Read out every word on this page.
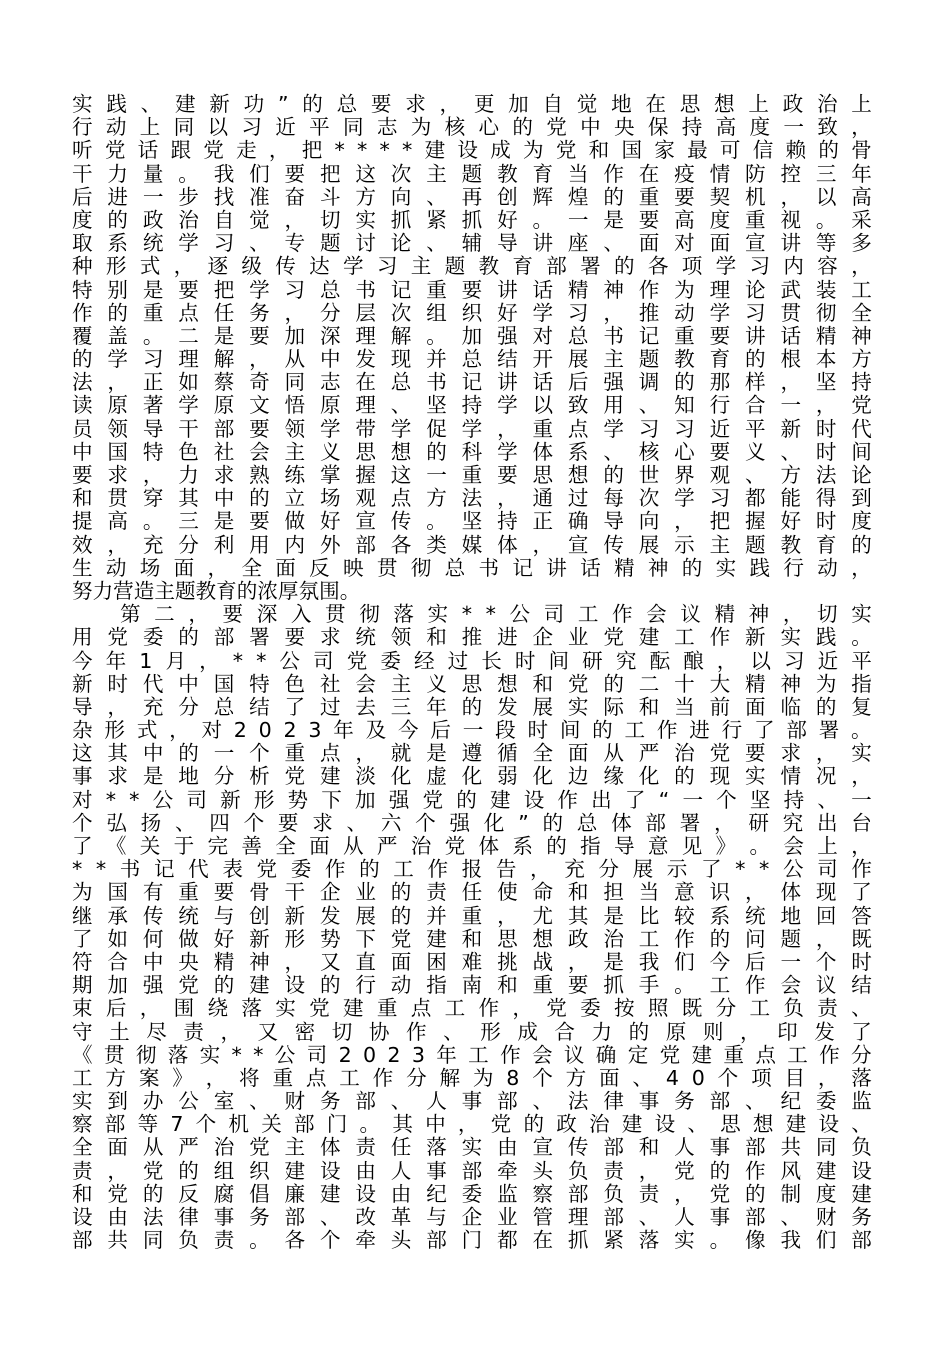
实 践 、 建 新 功 ” 的 总 要 求 ， 更 加 自 觉 地 在 思 想 上 政 治 上
行 动 上 同 以 习 近 平 同 志 为 核 心 的 党 中 央 保 持 高 度 一 致 ，
听 党 话 跟 党 走 ， 把 * * * * 建 设 成 为 党 和 国 家 最 可 信 赖 的 骨
干 力 量 。 我 们 要 把 这 次 主 题 教 育 当 作 在 疫 情 防 控 三 年
后 进 一 步 找 准 奋 斗 方 向 、 再 创 辉 煌 的 重 要 契 机 ， 以 高
度 的 政 治 自 觉 ， 切 实 抓 紧 抓 好 。 一 是 要 高 度 重 视 。 采
取 系 统 学 习 、 专 题 讨 论 、 辅 导 讲 座 、 面 对 面 宣 讲 等 多
种 形 式 ， 逐 级 传 达 学 习 主 题 教 育 部 署 的 各 项 学 习 内 容 ，
特 别 是 要 把 学 习 总 书 记 重 要 讲 话 精 神 作 为 理 论 武 装 工
作 的 重 点 任 务 ， 分 层 次 组 织 好 学 习 ， 推 动 学 习 贯 彻 全
覆 盖 。 二 是 要 加 深 理 解 。 加 强 对 总 书 记 重 要 讲 话 精 神
的 学 习 理 解 ， 从 中 发 现 并 总 结 开 展 主 题 教 育 的 根 本 方
法 ， 正 如 蔡 奇 同 志 在 总 书 记 讲 话 后 强 调 的 那 样 ， 坚 持
读 原 著 学 原 文 悟 原 理 、 坚 持 学 以 致 用 、 知 行 合 一 ， 党
员 领 导 干 部 要 领 学 带 学 促 学 ， 重 点 学 习 习 近 平 新 时 代
中 国 特 色 社 会 主 义 思 想 的 科 学 体 系 、 核 心 要 义 、 时 间
要 求 ， 力 求 熟 练 掌 握 这 一 重 要 思 想 的 世 界 观 、 方 法 论
和 贯 穿 其 中 的 立 场 观 点 方 法 ， 通 过 每 次 学 习 都 能 得 到
提 高 。 三 是 要 做 好 宣 传 。 坚 持 正 确 导 向 ， 把 握 好 时 度
效 ， 充 分 利 用 内 外 部 各 类 媒 体 ， 宣 传 展 示 主 题 教 育 的
生 动 场 面 ， 全 面 反 映 贯 彻 总 书 记 讲 话 精 神 的 实 践 行 动 ，
努力营造主题教育的浓厚氛围。
第 二 ， 要 深 入 贯 彻 落 实 * * 公 司 工 作 会 议 精 神 ， 切 实
用 党 委 的 部 署 要 求 统 领 和 推 进 企 业 党 建 工 作 新 实 践 。
今 年 1 月 ， * * 公 司 党 委 经 过 长 时 间 研 究 酝 酿 ， 以 习 近 平
新 时 代 中 国 特 色 社 会 主 义 思 想 和 党 的 二 十 大 精 神 为 指
导 ， 充 分 总 结 了 过 去 三 年 的 发 展 实 际 和 当 前 面 临 的 复
杂 形 式 ， 对 2 0 2 3 年 及 今 后 一 段 时 间 的 工 作 进 行 了 部 署 。
这 其 中 的 一 个 重 点 ， 就 是 遵 循 全 面 从 严 治 党 要 求 ， 实
事 求 是 地 分 析 党 建 淡 化 虚 化 弱 化 边 缘 化 的 现 实 情 况 ，
对 * * 公 司 新 形 势 下 加 强 党 的 建 设 作 出 了 “ 一 个 坚 持 、 一
个 弘 扬 、 四 个 要 求 、 六 个 强 化 ” 的 总 体 部 署 ， 研 究 出 台
了 《 关 于 完 善 全 面 从 严 治 党 体 系 的 指 导 意 见 》 。 会 上 ，
* * 书 记 代 表 党 委 作 的 工 作 报 告 ， 充 分 展 示 了 * * 公 司 作
为 国 有 重 要 骨 干 企 业 的 责 任 使 命 和 担 当 意 识 ， 体 现 了
继 承 传 统 与 创 新 发 展 的 并 重 ， 尤 其 是 比 较 系 统 地 回 答
了 如 何 做 好 新 形 势 下 党 建 和 思 想 政 治 工 作 的 问 题 ， 既
符 合 中 央 精 神 ， 又 直 面 困 难 挑 战 ， 是 我 们 今 后 一 个 时
期 加 强 党 的 建 设 的 行 动 指 南 和 重 要 抓 手 。 工 作 会 议 结
束 后 ， 围 绕 落 实 党 建 重 点 工 作 ， 党 委 按 照 既 分 工 负 责 、
守 土 尽 责 ， 又 密 切 协 作 、 形 成 合 力 的 原 则 ， 印 发 了
《 贯 彻 落 实 * * 公 司 2 0 2 3 年 工 作 会 议 确 定 党 建 重 点 工 作 分
工 方 案 》 ， 将 重 点 工 作 分 解 为 8 个 方 面 、 4 0 个 项 目 ， 落
实 到 办 公 室 、 财 务 部 、 人 事 部 、 法 律 事 务 部 、 纪 委 监
察 部 等 7 个 机 关 部 门 。 其 中 ， 党 的 政 治 建 设 、 思 想 建 设 、
全 面 从 严 治 党 主 体 责 任 落 实 由 宣 传 部 和 人 事 部 共 同 负
责 ， 党 的 组 织 建 设 由 人 事 部 牵 头 负 责 ， 党 的 作 风 建 设
和 党 的 反 腐 倡 廉 建 设 由 纪 委 监 察 部 负 责 ， 党 的 制 度 建
设 由 法 律 事 务 部 、 改 革 与 企 业 管 理 部 、 人 事 部 、 财 务
部 共 同 负 责 。 各 个 牵 头 部 门 都 在 抓 紧 落 实 。 像 我 们 部
